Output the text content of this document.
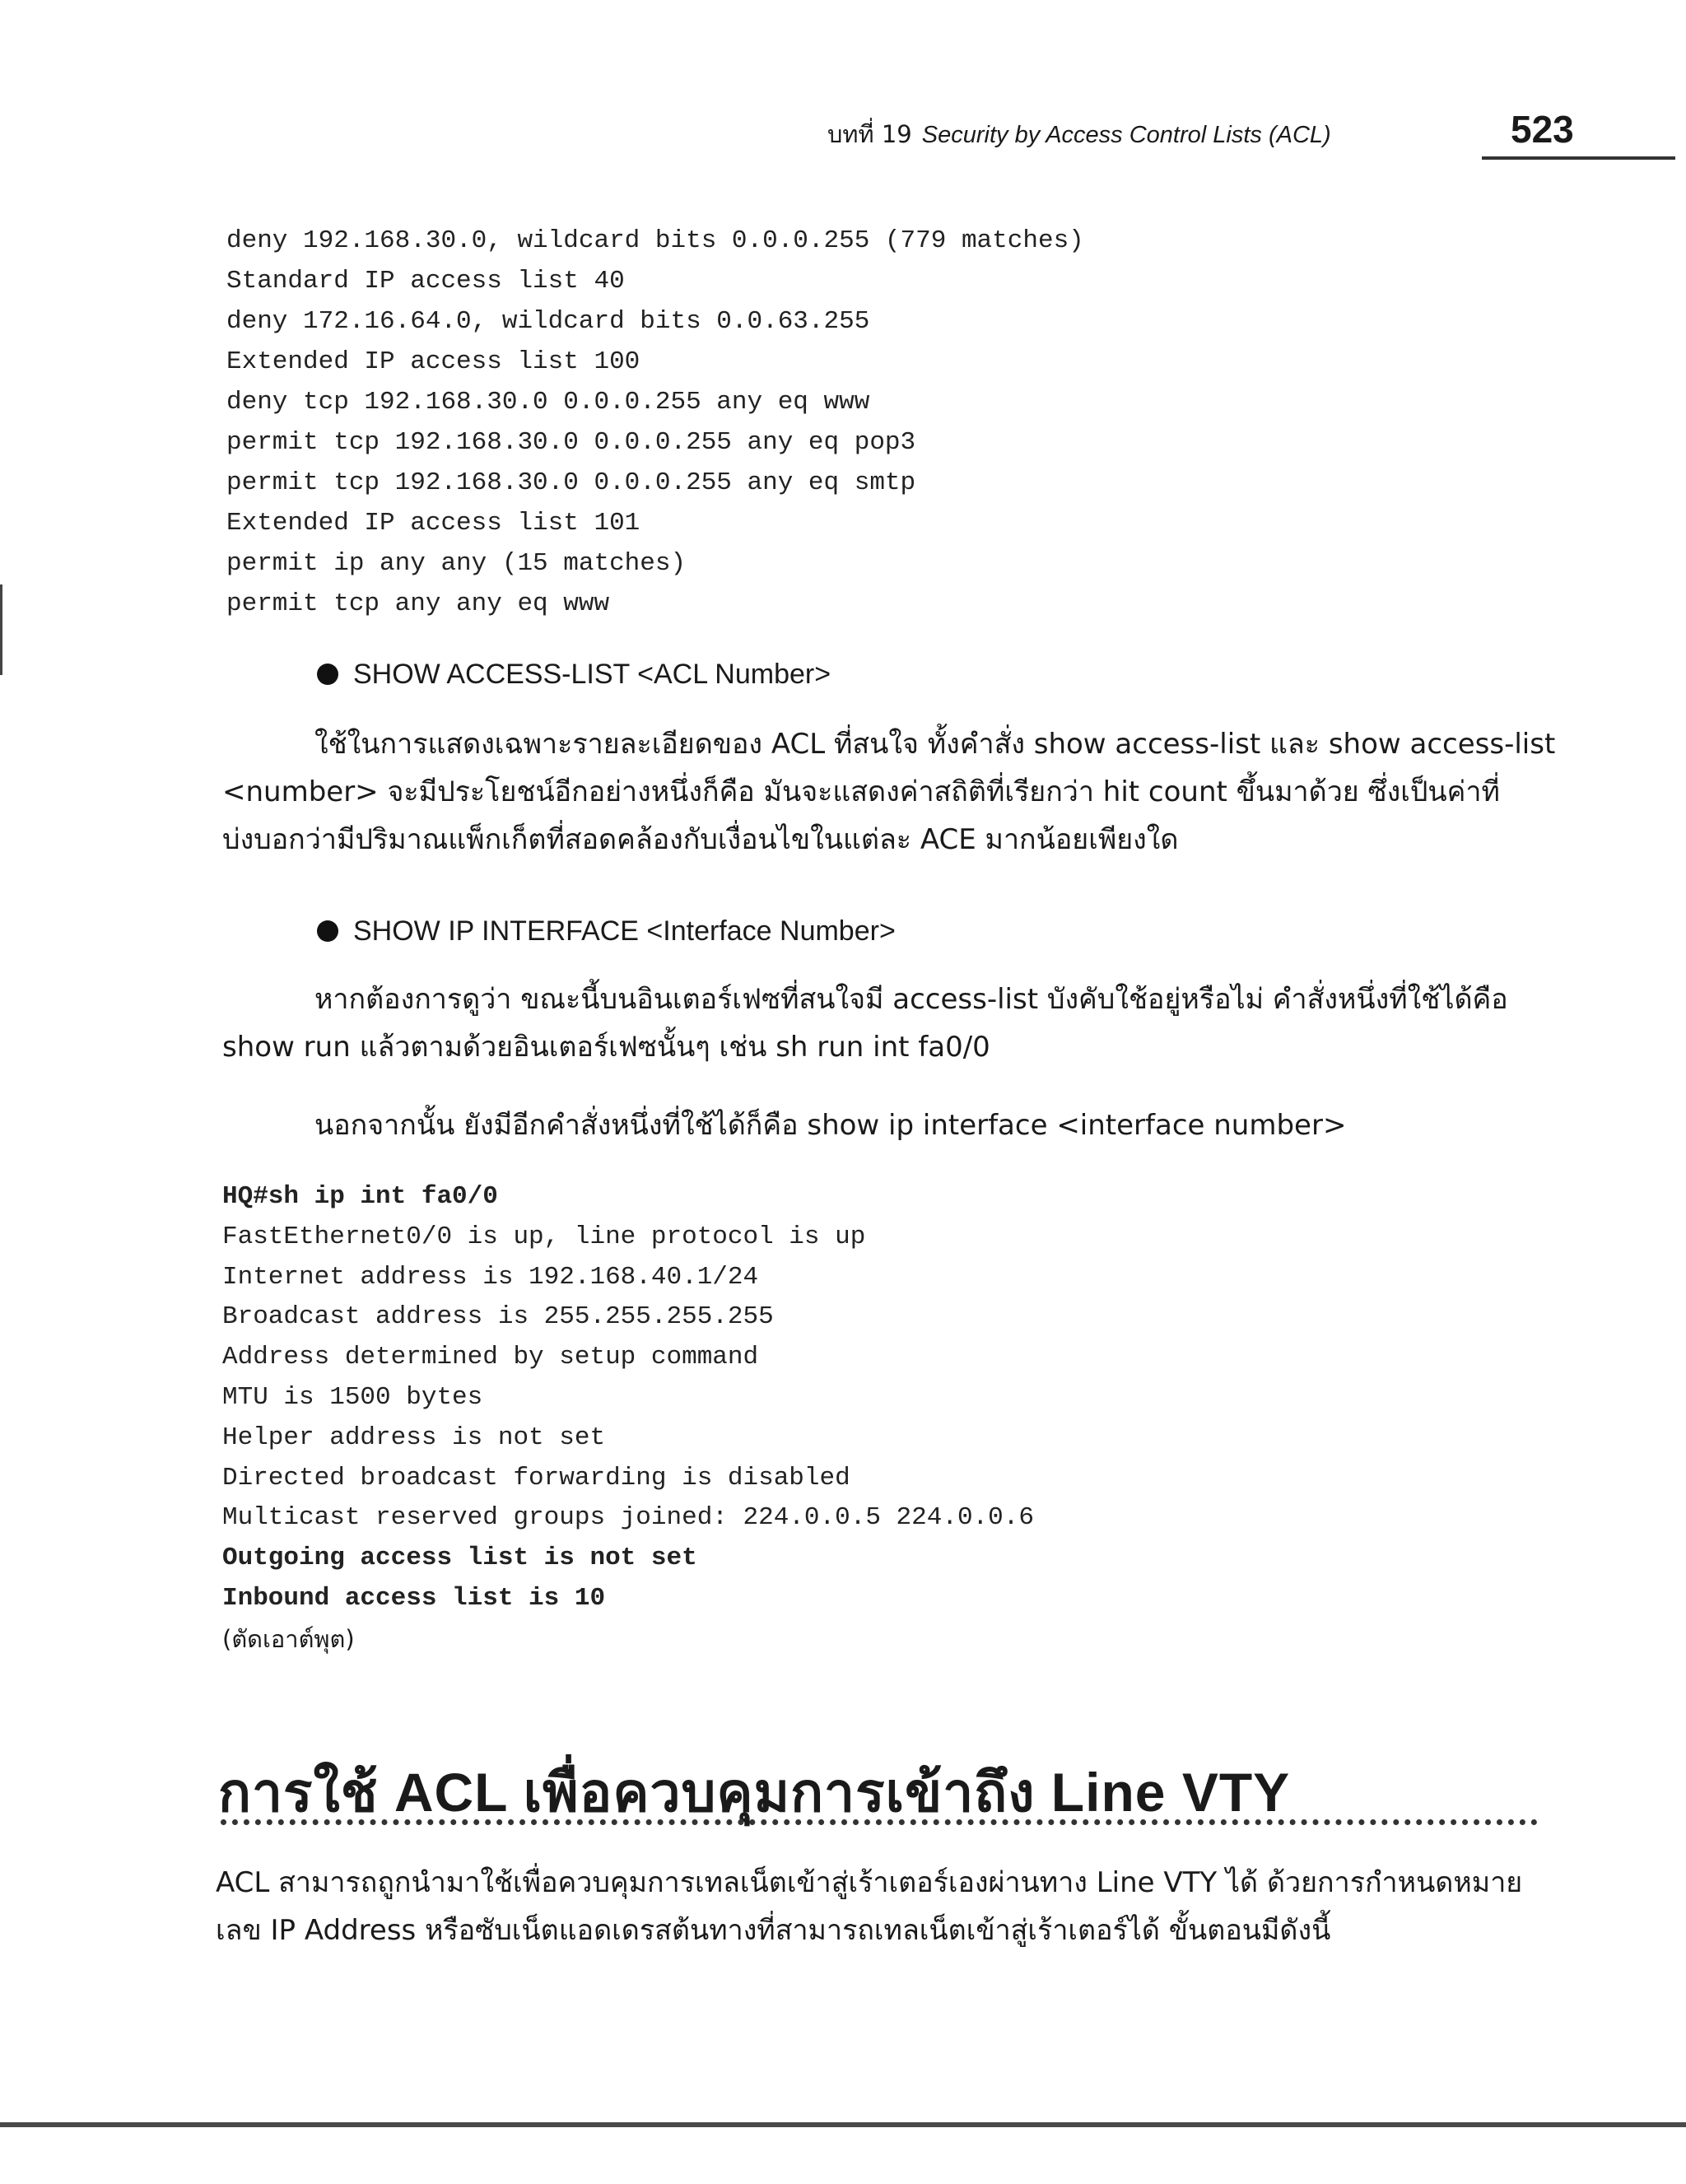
บทที่ 19 Security by Access Control Lists (ACL)	523
deny 192.168.30.0, wildcard bits 0.0.0.255 (779 matches)
Standard IP access list 40
deny 172.16.64.0, wildcard bits 0.0.63.255
Extended IP access list 100
deny tcp 192.168.30.0 0.0.0.255 any eq www
permit tcp 192.168.30.0 0.0.0.255 any eq pop3
permit tcp 192.168.30.0 0.0.0.255 any eq smtp
Extended IP access list 101
permit ip any any (15 matches)
permit tcp any any eq www
SHOW ACCESS-LIST <ACL Number>
ใช้ในการแสดงเฉพาะรายละเอียดของ ACL ที่สนใจ ทั้งคำสั่ง show access-list และ show access-list
<number> จะมีประโยชน์อีกอย่างหนึ่งก็คือ มันจะแสดงค่าสถิติที่เรียกว่า hit count ขึ้นมาด้วย ซึ่งเป็นค่าที่
บ่งบอกว่ามีปริมาณแพ็กเก็ตที่สอดคล้องกับเงื่อนไขในแต่ละ ACE มากน้อยเพียงใด
SHOW IP INTERFACE <Interface Number>
หากต้องการดูว่า ขณะนี้บนอินเตอร์เฟซที่สนใจมี access-list บังคับใช้อยู่หรือไม่ คำสั่งหนึ่งที่ใช้ได้คือ
show run แล้วตามด้วยอินเตอร์เฟซนั้นๆ เช่น sh run int fa0/0
นอกจากนั้น ยังมีอีกคำสั่งหนึ่งที่ใช้ได้ก็คือ show ip interface <interface number>
HQ#sh ip int fa0/0
FastEthernet0/0 is up, line protocol is up
Internet address is 192.168.40.1/24
Broadcast address is 255.255.255.255
Address determined by setup command
MTU is 1500 bytes
Helper address is not set
Directed broadcast forwarding is disabled
Multicast reserved groups joined: 224.0.0.5 224.0.0.6
Outgoing access list is not set
Inbound access list is 10
(ตัดเอาต์พุต)
การใช้ ACL เพื่อควบคุมการเข้าถึง Line VTY
ACL สามารถถูกนำมาใช้เพื่อควบคุมการเทลเน็ตเข้าสู่เร้าเตอร์เองผ่านทาง Line VTY ได้ ด้วยการกำหนดหมาย
เลข IP Address หรือซับเน็ตแอดเดรสต้นทางที่สามารถเทลเน็ตเข้าสู่เร้าเตอร์ได้ ขั้นตอนมีดังนี้
